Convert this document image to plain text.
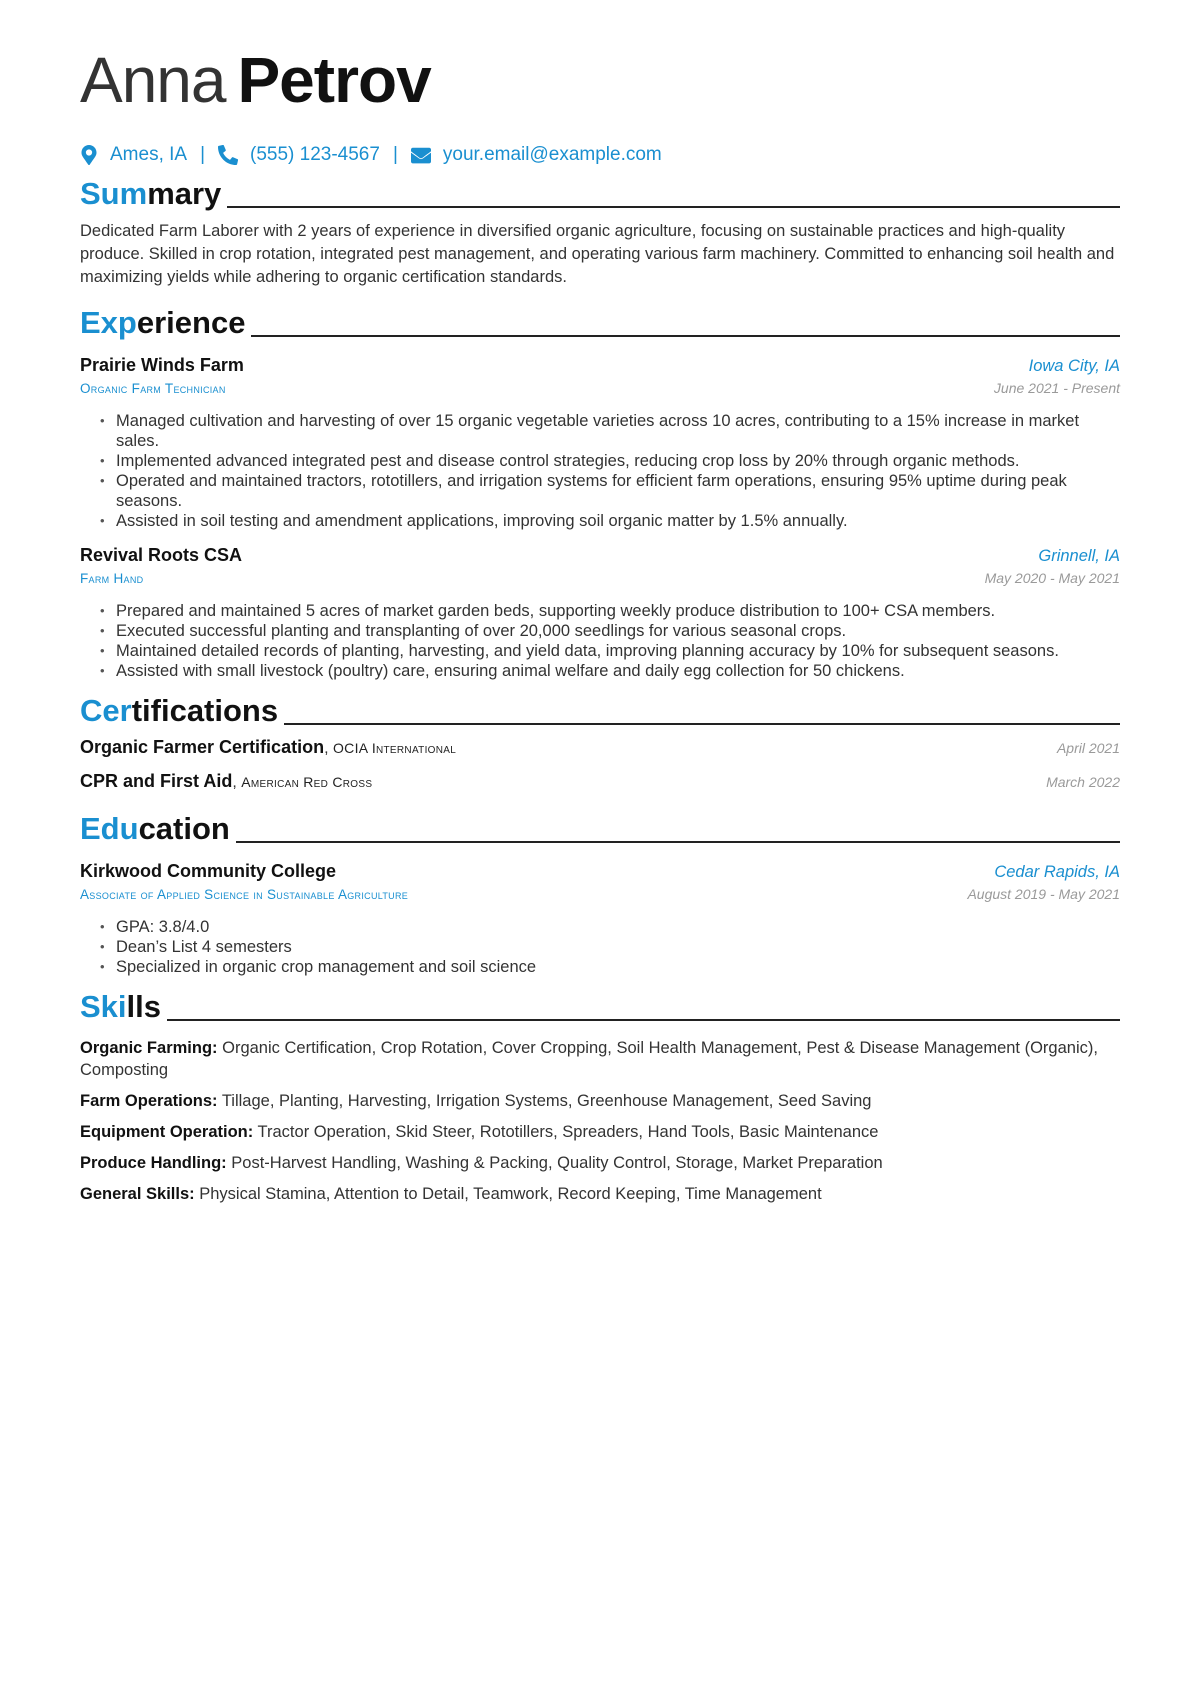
Anna Petrov
Ames, IA | (555) 123-4567 | your.email@example.com
Summary

Dedicated Farm Laborer with 2 years of experience in diversified organic agriculture, focusing on sustainable practices and high-quality produce. Skilled in crop rotation, integrated pest management, and operating various farm machinery. Committed to enhancing soil health and maximizing yields while adhering to organic certification standards.

Experience
Prairie Winds Farm	Iowa City, IA
Organic Farm Technician	June 2021 - Present
• Managed cultivation and harvesting of over 15 organic vegetable varieties across 10 acres, contributing to a 15% increase in market sales.
• Implemented advanced integrated pest and disease control strategies, reducing crop loss by 20% through organic methods.
• Operated and maintained tractors, rototillers, and irrigation systems for efficient farm operations, ensuring 95% uptime during peak seasons.
• Assisted in soil testing and amendment applications, improving soil organic matter by 1.5% annually.
Revival Roots CSA	Grinnell, IA
Farm Hand	May 2020 - May 2021
• Prepared and maintained 5 acres of market garden beds, supporting weekly produce distribution to 100+ CSA members.
• Executed successful planting and transplanting of over 20,000 seedlings for various seasonal crops.
• Maintained detailed records of planting, harvesting, and yield data, improving planning accuracy by 10% for subsequent seasons.
• Assisted with small livestock (poultry) care, ensuring animal welfare and daily egg collection for 50 chickens.
Certifications
Organic Farmer Certification, OCIA International	April 2021
CPR and First Aid, American Red Cross	March 2022
Education
Kirkwood Community College	Cedar Rapids, IA
Associate of Applied Science in Sustainable Agriculture	August 2019 - May 2021
• GPA: 3.8/4.0
• Dean’s List 4 semesters
• Specialized in organic crop management and soil science
Skills
Organic Farming: Organic Certification, Crop Rotation, Cover Cropping, Soil Health Management, Pest & Disease Management (Organic), Composting
Farm Operations: Tillage, Planting, Harvesting, Irrigation Systems, Greenhouse Management, Seed Saving
Equipment Operation: Tractor Operation, Skid Steer, Rototillers, Spreaders, Hand Tools, Basic Maintenance
Produce Handling: Post-Harvest Handling, Washing & Packing, Quality Control, Storage, Market Preparation
General Skills: Physical Stamina, Attention to Detail, Teamwork, Record Keeping, Time Management
